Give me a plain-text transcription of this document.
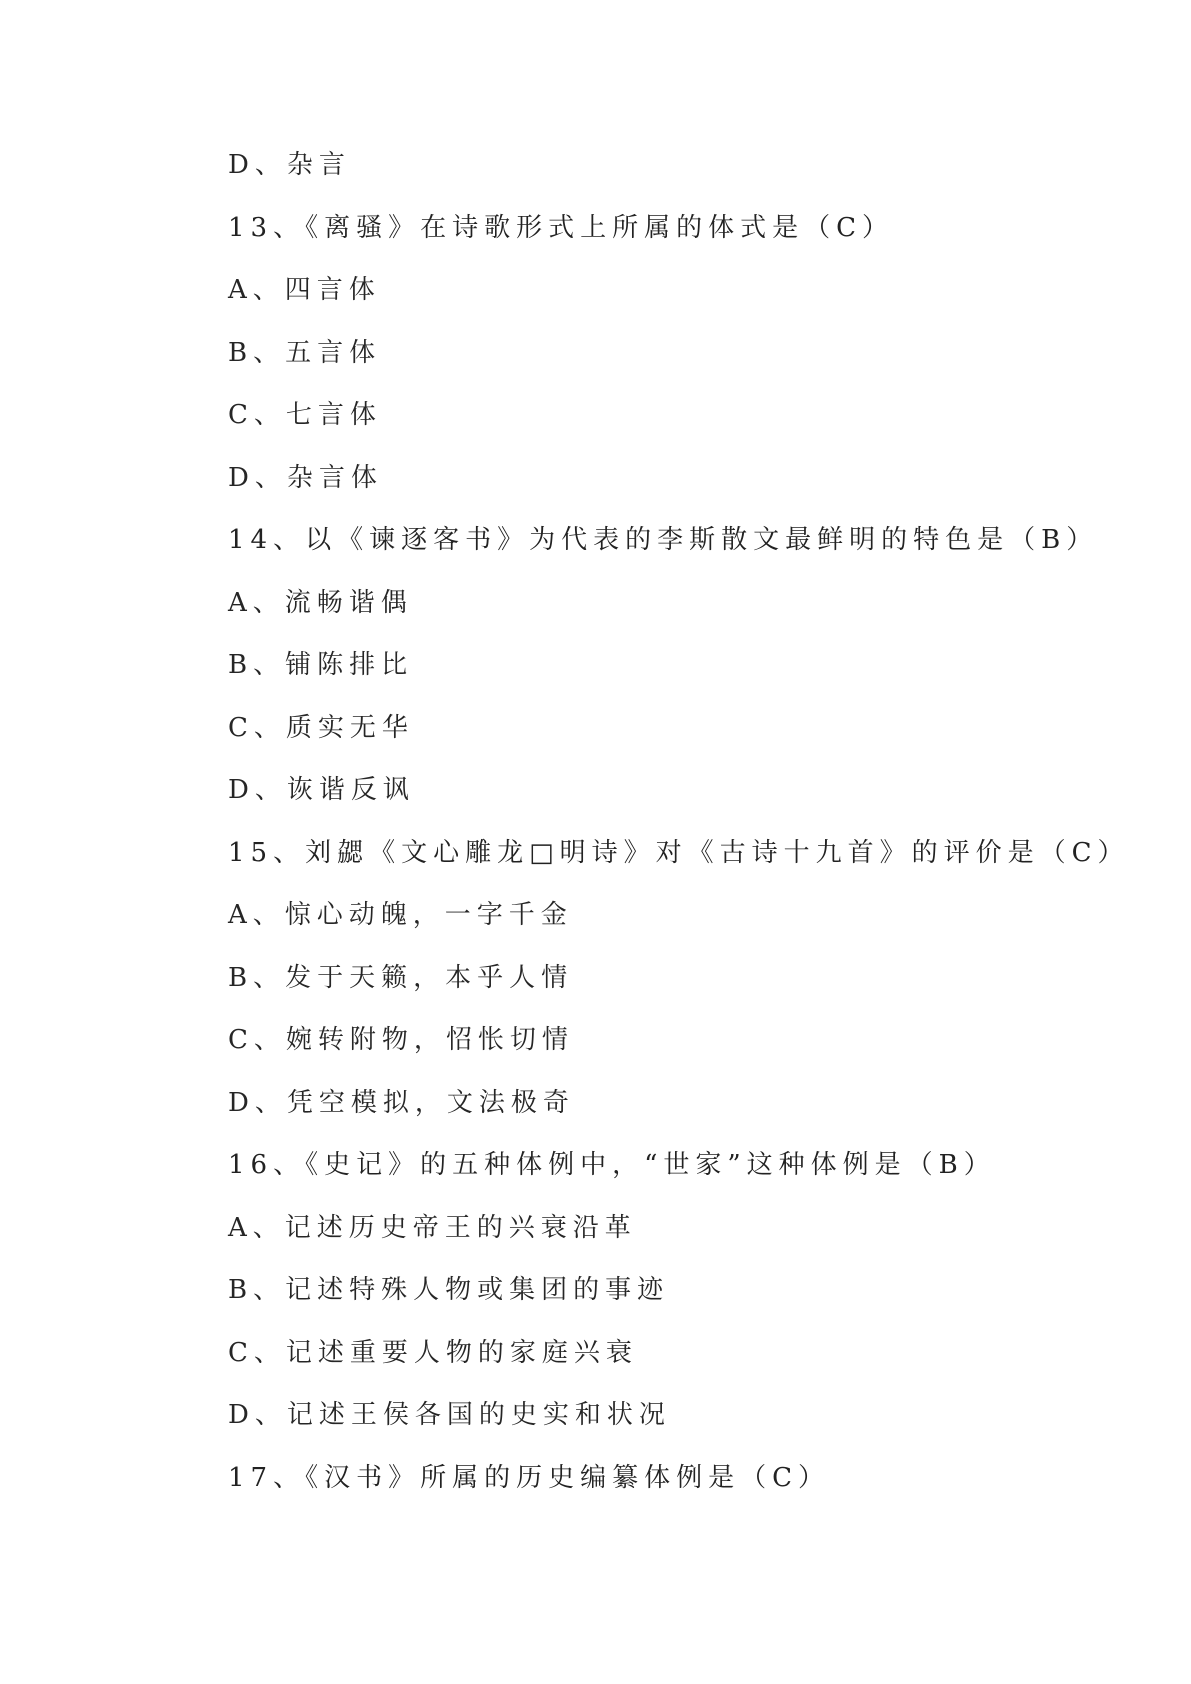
D、杂言
13、《离骚》在诗歌形式上所属的体式是（C）
A、四言体
B、五言体
C、七言体
D、杂言体
14、以《谏逐客书》为代表的李斯散文最鲜明的特色是（B）
A、流畅谐偶
B、铺陈排比
C、质实无华
D、诙谐反讽
15、刘勰《文心雕龙□明诗》对《古诗十九首》的评价是（C）
A、惊心动魄，一字千金
B、发于天籁，本乎人情
C、婉转附物，怊怅切情
D、凭空模拟，文法极奇
16、《史记》的五种体例中，“世家”这种体例是（B）
A、记述历史帝王的兴衰沿革
B、记述特殊人物或集团的事迹
C、记述重要人物的家庭兴衰
D、记述王侯各国的史实和状况
17、《汉书》所属的历史编纂体例是（C）
